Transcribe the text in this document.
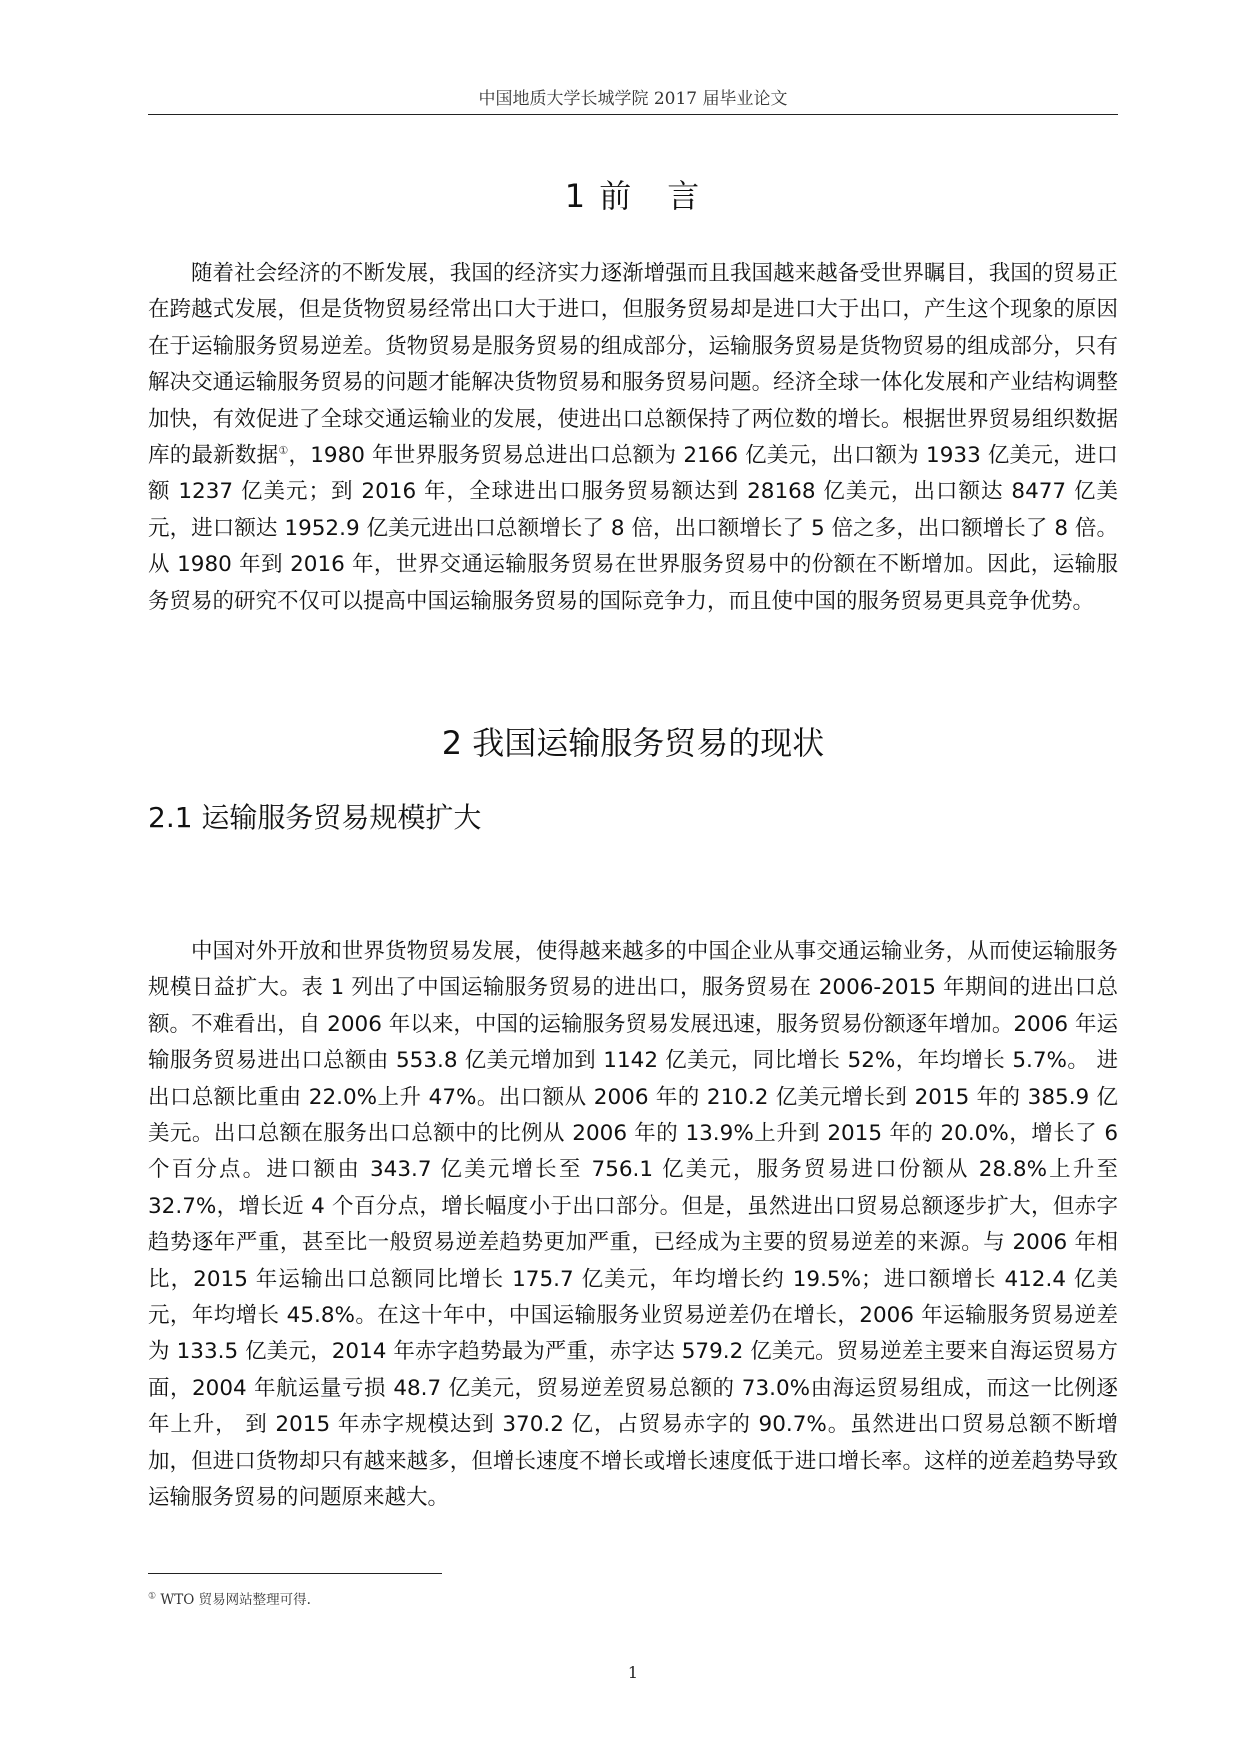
中国地质大学长城学院 2017 届毕业论文
1 前　言

随着社会经济的不断发展，我国的经济实力逐渐增强而且我国越来越备受世界瞩目，我国的贸易正在跨越式发展，但是货物贸易经常出口大于进口，但服务贸易却是进口大于出口，产生这个现象的原因在于运输服务贸易逆差。货物贸易是服务贸易的组成部分，运输服务贸易是货物贸易的组成部分，只有解决交通运输服务贸易的问题才能解决货物贸易和服务贸易问题。经济全球一体化发展和产业结构调整加快，有效促进了全球交通运输业的发展，使进出口总额保持了两位数的增长。根据世界贸易组织数据库的最新数据①，1980 年世界服务贸易总进出口总额为 2166 亿美元，出口额为 1933 亿美元，进口额 1237 亿美元；到 2016 年，全球进出口服务贸易额达到 28168 亿美元，出口额达 8477 亿美元，进口额达 1952.9 亿美元进出口总额增长了 8 倍，出口额增长了 5 倍之多，出口额增长了 8 倍。从 1980 年到 2016 年，世界交通运输服务贸易在世界服务贸易中的份额在不断增加。因此，运输服务贸易的研究不仅可以提高中国运输服务贸易的国际竞争力，而且使中国的服务贸易更具竞争优势。

2 我国运输服务贸易的现状
2.1 运输服务贸易规模扩大

中国对外开放和世界货物贸易发展，使得越来越多的中国企业从事交通运输业务，从而使运输服务规模日益扩大。表 1 列出了中国运输服务贸易的进出口，服务贸易在 2006-2015 年期间的进出口总额。不难看出，自 2006 年以来，中国的运输服务贸易发展迅速，服务贸易份额逐年增加。2006 年运输服务贸易进出口总额由 553.8 亿美元增加到 1142 亿美元，同比增长 52%，年均增长 5.7%。 进出口总额比重由 22.0%上升 47%。出口额从 2006 年的 210.2 亿美元增长到 2015 年的 385.9 亿美元。出口总额在服务出口总额中的比例从 2006 年的 13.9%上升到 2015 年的 20.0%，增长了 6 个百分点。进口额由 343.7 亿美元增长至 756.1 亿美元，服务贸易进口份额从 28.8%上升至 32.7%，增长近 4 个百分点，增长幅度小于出口部分。但是，虽然进出口贸易总额逐步扩大，但赤字趋势逐年严重，甚至比一般贸易逆差趋势更加严重，已经成为主要的贸易逆差的来源。与 2006 年相比，2015 年运输出口总额同比增长 175.7 亿美元，年均增长约 19.5%；进口额增长 412.4 亿美元，年均增长 45.8%。在这十年中，中国运输服务业贸易逆差仍在增长，2006 年运输服务贸易逆差为 133.5 亿美元，2014 年赤字趋势最为严重，赤字达 579.2 亿美元。贸易逆差主要来自海运贸易方面，2004 年航运量亏损 48.7 亿美元，贸易逆差贸易总额的 73.0%由海运贸易组成，而这一比例逐年上升， 到 2015 年赤字规模达到 370.2 亿，占贸易赤字的 90.7%。虽然进出口贸易总额不断增加，但进口货物却只有越来越多，但增长速度不增长或增长速度低于进口增长率。这样的逆差趋势导致运输服务贸易的问题原来越大。

① WTO 贸易网站整理可得.
1
